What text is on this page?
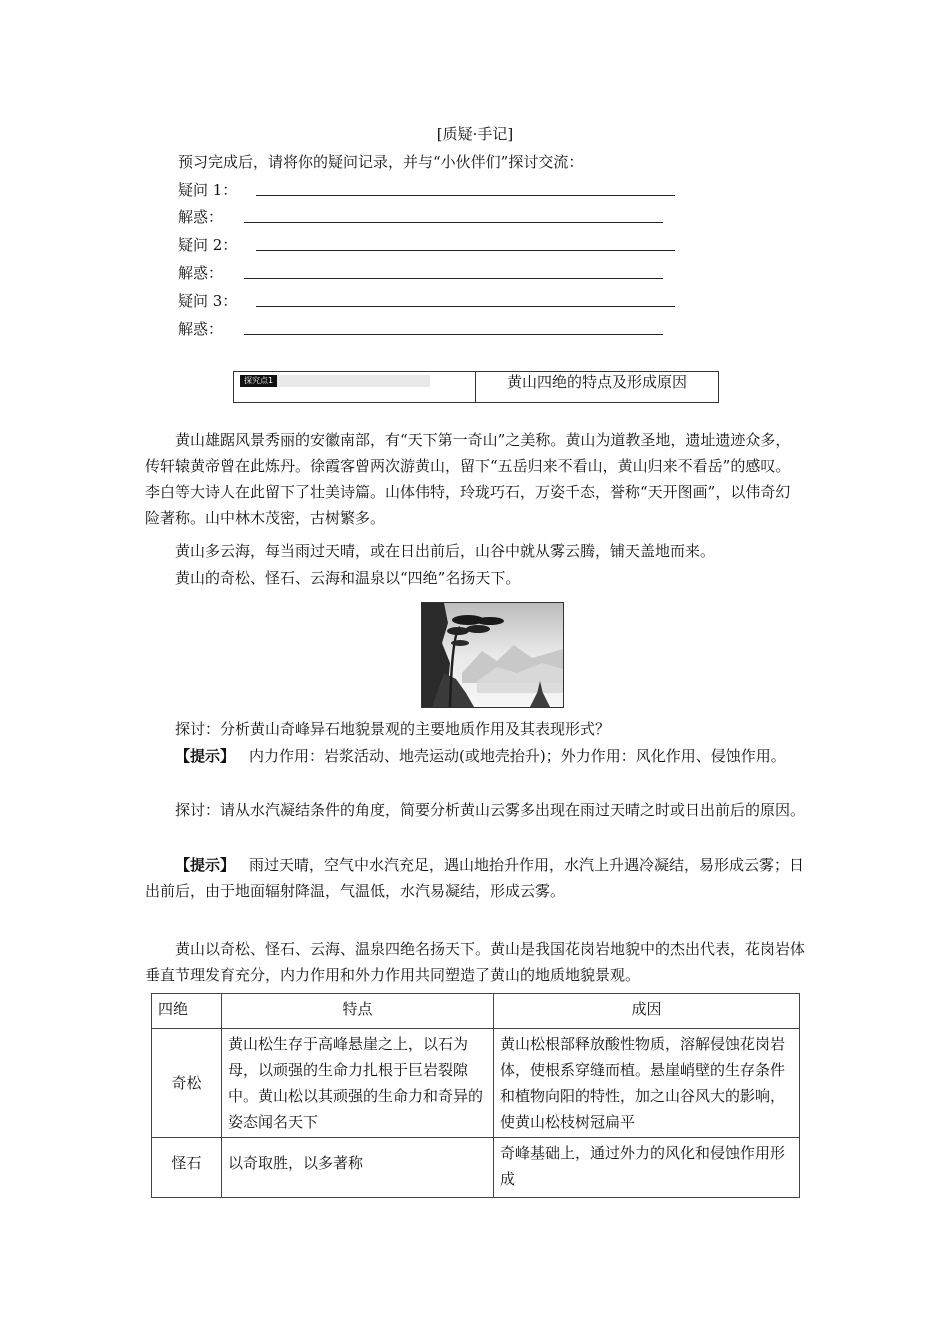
[质疑·手记]
预习完成后，请将你的疑问记录，并与“小伙伴们”探讨交流：
疑问 1：
解惑：
疑问 2：
解惑：
疑问 3：
解惑：
探究点1	黄山四绝的特点及形成原因

黄山雄踞风景秀丽的安徽南部，有“天下第一奇山”之美称。黄山为道教圣地，遗址遗迹众多，传轩辕黄帝曾在此炼丹。徐霞客曾两次游黄山，留下“五岳归来不看山，黄山归来不看岳”的感叹。李白等大诗人在此留下了壮美诗篇。山体伟特，玲珑巧石，万姿千态，誉称“天开图画”，以伟奇幻险著称。山中林木茂密，古树繁多。

黄山多云海，每当雨过天晴，或在日出前后，山谷中就从雾云腾，铺天盖地而来。

黄山的奇松、怪石、云海和温泉以“四绝”名扬天下。

探讨：分析黄山奇峰异石地貌景观的主要地质作用及其表现形式？

【提示】 内力作用：岩浆活动、地壳运动(或地壳抬升)；外力作用：风化作用、侵蚀作用。

探讨：请从水汽凝结条件的角度，简要分析黄山云雾多出现在雨过天晴之时或日出前后的原因。

【提示】 雨过天晴，空气中水汽充足，遇山地抬升作用，水汽上升遇冷凝结，易形成云雾；日出前后，由于地面辐射降温，气温低，水汽易凝结，形成云雾。

黄山以奇松、怪石、云海、温泉四绝名扬天下。黄山是我国花岗岩地貌中的杰出代表，花岗岩体垂直节理发育充分，内力作用和外力作用共同塑造了黄山的地质地貌景观。

四绝	特点	成因
奇松	黄山松生存于高峰悬崖之上，以石为母，以顽强的生命力扎根于巨岩裂隙中。黄山松以其顽强的生命力和奇异的姿态闻名天下	黄山松根部释放酸性物质，溶解侵蚀花岗岩体，使根系穿缝而植。悬崖峭壁的生存条件和植物向阳的特性，加之山谷风大的影响，使黄山松枝树冠扁平
怪石	以奇取胜，以多著称	奇峰基础上，通过外力的风化和侵蚀作用形成
